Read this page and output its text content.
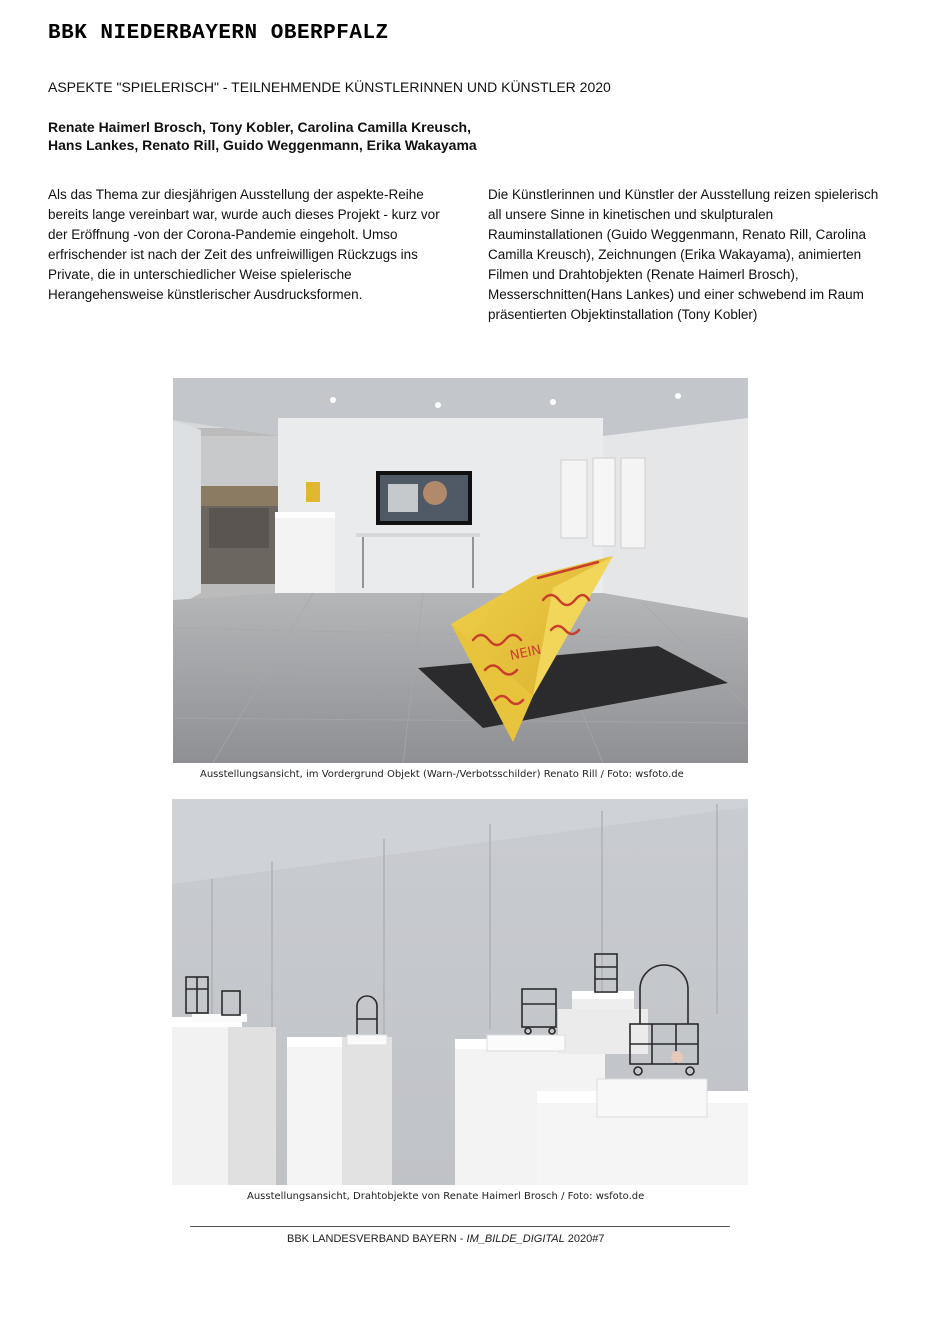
BBK NIEDERBAYERN OBERPFALZ
ASPEKTE "SPIELERISCH" - TEILNEHMENDE KÜNSTLERINNEN UND KÜNSTLER 2020
Renate Haimerl Brosch, Tony Kobler, Carolina Camilla Kreusch,
Hans Lankes, Renato Rill, Guido Weggenmann, Erika Wakayama
Als das Thema zur diesjährigen Ausstellung der aspekte-Reihe bereits lange vereinbart war, wurde auch dieses Projekt - kurz vor der Eröffnung -von der Corona-Pandemie eingeholt. Umso erfrischender ist nach der Zeit des unfreiwilligen Rückzugs ins Private, die in unterschiedlicher Weise spielerische Herangehensweise künstlerischer Ausdrucksformen.
Die Künstlerinnen und Künstler der Ausstellung reizen spielerisch all unsere Sinne in kinetischen und skulpturalen Rauminstallationen (Guido Weggenmann, Renato Rill, Carolina Camilla Kreusch), Zeichnungen (Erika Wakayama), animierten Filmen und Drahtobjekten (Renate Haimerl Brosch), Messerschnitten(Hans Lankes) und einer schwebend im Raum präsentierten Objektinstallation (Tony Kobler)
NEIN
Ausstellungsansicht, im Vordergrund Objekt (Warn-/Verbotsschilder) Renato Rill / Foto: wsfoto.de
Ausstellungsansicht, Drahtobjekte von Renate Haimerl Brosch / Foto: wsfoto.de
BBK LANDESVERBAND BAYERN - IM_BILDE_DIGITAL 2020#7
